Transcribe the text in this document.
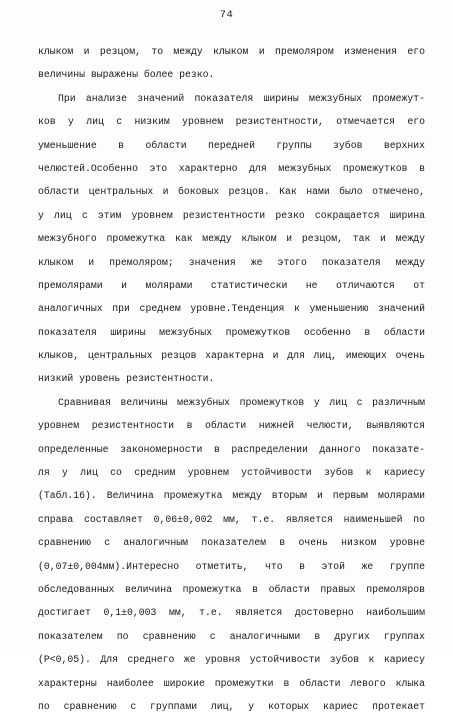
74
клыком и резцом, то между клыком и премоляром изменения его
величины выражены более резко.
При анализе значений показателя ширины межзубных промежут-
ков у лиц с низким уровнем резистентности, отмечается его
уменьшение в области передней группы зубов верхних
челюстей.Особенно это характерно для межзубных промежутков в
области центральных и боковых резцов. Как нами было отмечено,
у лиц с этим уровнем резистентности резко сокращается ширина
межзубного промежутка как между клыком и резцом, так и между
клыком и премоляром; значения же этого показателя между
премолярами и молярами статистически не отличаются от
аналогичных при среднем уровне.Тенденция к уменьшению значений
показателя ширины межзубных промежутков особенно в области
клыков, центральных резцов характерна и для лиц, имеющих очень
низкий уровень резистентности.
Сравнивая величины межзубных промежутков у лиц с различным
уровнем резистентности в области нижней челюсти, выявляются
определенные закономерности в распределении данного показате-
ля у лиц со средним уровнем устойчивости зубов к кариесу
(Табл.16). Величина промежутка между вторым и первым молярами
справа составляет 0,06±0,002 мм, т.е. является наименьшей по
сравнению с аналогичным показателем в очень низком уровне
(0,07±0,004мм).Интересно отметить, что в этой же группе
обследованных величина промежутка в области правых премоляров
достигает 0,1±0,003 мм, т.е. является достоверно наибольшим
показателем по сравнению с аналогичными в других группах
(Р<0,05). Для среднего же уровня устойчивости зубов к кариесу
характерны наиболее широкие промежутки в области левого клыка
по сравнению с группами лиц, у которых кариес протекает
